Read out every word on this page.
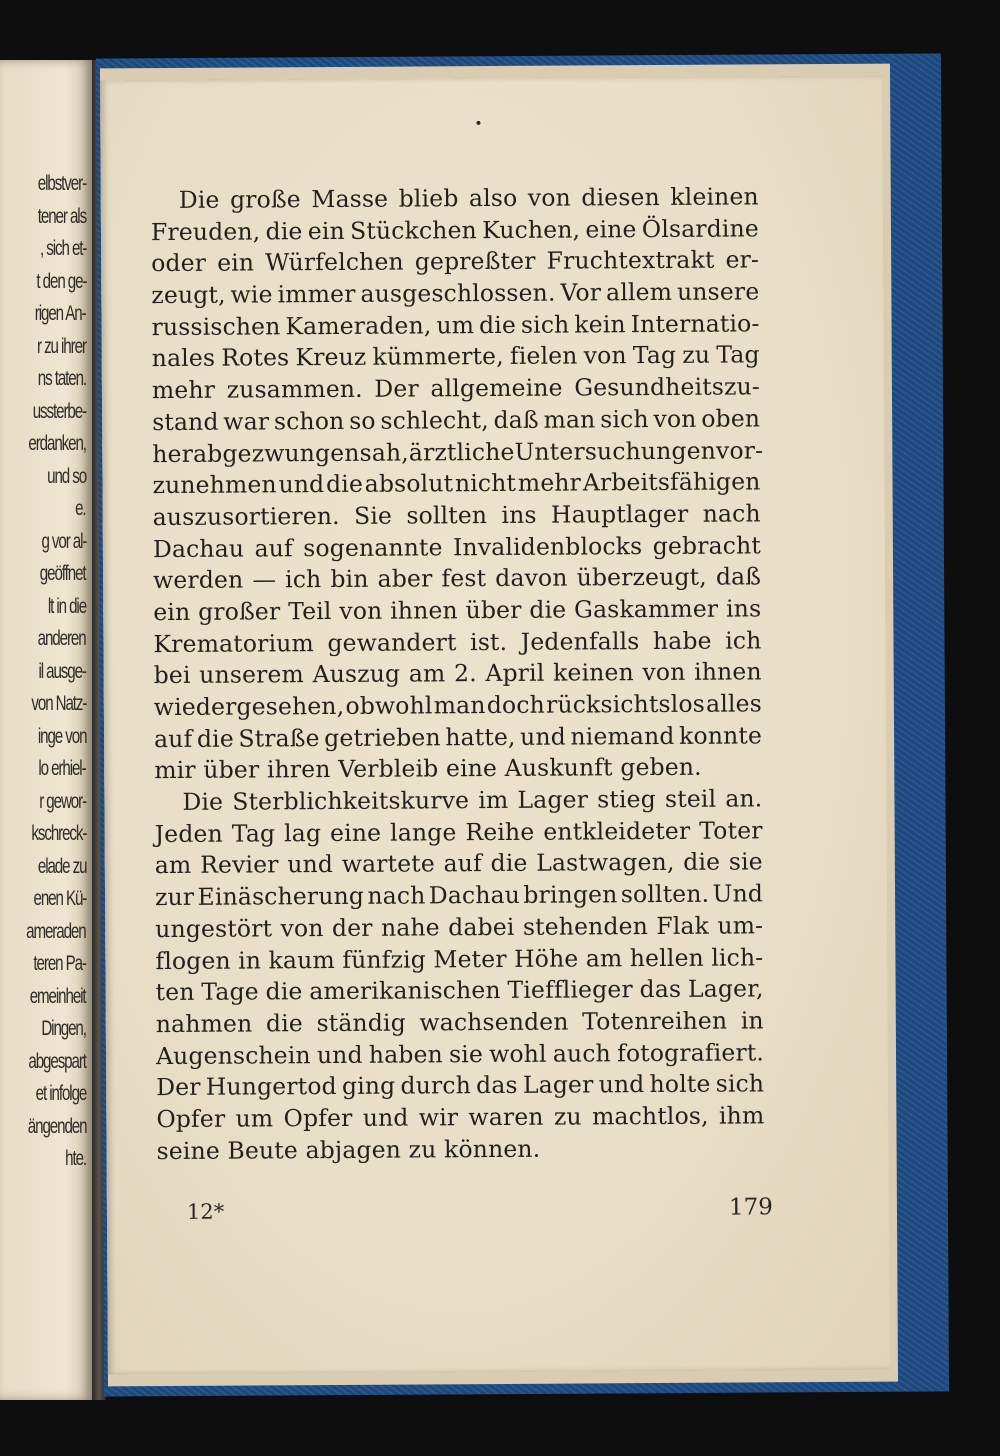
elbstver-
tener als
, sich et-
t den ge-
rigen An-
r zu ihrer
ns taten.
ussterbe-
erdanken,
und so
e.
g vor al-
geöffnet
lt in die
anderen
il ausge-
von Natz-
inge von
lo erhiel-
r gewor-
kschreck-
elade zu
enen Kü-
ameraden
teren Pa-
emeinheit
Dingen,
abgespart
et infolge
ängenden
hte.
•
Die große Masse blieb also von diesen kleinen
Freuden, die ein Stückchen Kuchen, eine Ölsardine
oder ein Würfelchen gepreßter Fruchtextrakt er-
zeugt, wie immer ausgeschlossen. Vor allem unsere
russischen Kameraden, um die sich kein Internatio-
nales Rotes Kreuz kümmerte, fielen von Tag zu Tag
mehr zusammen. Der allgemeine Gesundheitszu-
stand war schon so schlecht, daß man sich von oben
herab gezwungen sah, ärztliche Untersuchungen vor-
zunehmen und die absolut nicht mehr Arbeitsfähigen
auszusortieren. Sie sollten ins Hauptlager nach
Dachau auf sogenannte Invalidenblocks gebracht
werden — ich bin aber fest davon überzeugt, daß
ein großer Teil von ihnen über die Gaskammer ins
Krematorium gewandert ist. Jedenfalls habe ich
bei unserem Auszug am 2. April keinen von ihnen
wiedergesehen, obwohl man doch rücksichtslos alles
auf die Straße getrieben hatte, und niemand konnte
mir über ihren Verbleib eine Auskunft geben.
Die Sterblichkeitskurve im Lager stieg steil an.
Jeden Tag lag eine lange Reihe entkleideter Toter
am Revier und wartete auf die Lastwagen, die sie
zur Einäscherung nach Dachau bringen sollten. Und
ungestört von der nahe dabei stehenden Flak um-
flogen in kaum fünfzig Meter Höhe am hellen lich-
ten Tage die amerikanischen Tiefflieger das Lager,
nahmen die ständig wachsenden Totenreihen in
Augenschein und haben sie wohl auch fotografiert.
Der Hungertod ging durch das Lager und holte sich
Opfer um Opfer und wir waren zu machtlos, ihm
seine Beute abjagen zu können.
12*	179
